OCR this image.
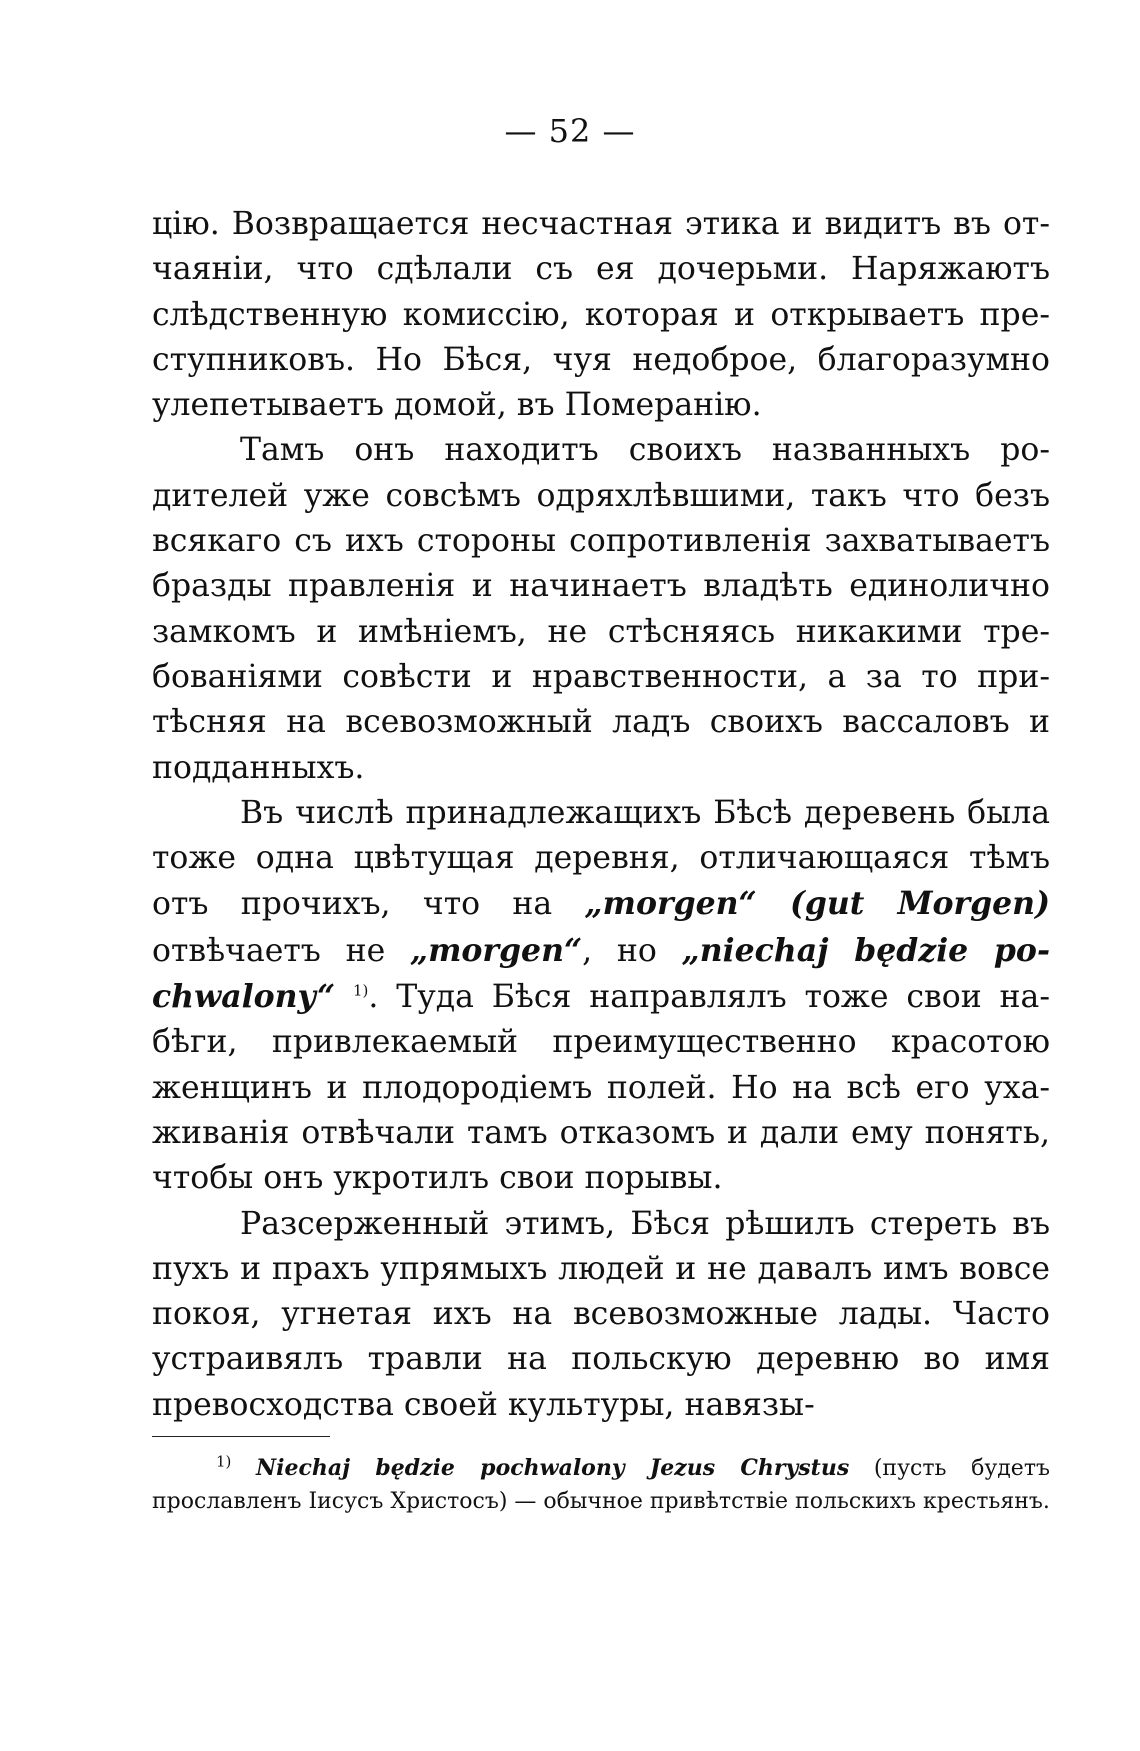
— 52 —

цію. Возвращается несчастная этика и видитъ въ отчаяніи, что сдѣлали съ ея дочерьми. Наряжаютъ слѣдственную комиссію, которая и открываетъ преступниковъ. Но Бѣся, чуя недоброе, благоразумно улепетываетъ домой, въ Померанію.

Тамъ онъ находитъ своихъ названныхъ родителей уже совсѣмъ одряхлѣвшими, такъ что безъ всякаго съ ихъ стороны сопротивленія захватываетъ бразды правленія и начинаетъ владѣть единолично замкомъ и имѣніемъ, не стѣсняясь никакими требованіями совѣсти и нравственности, а за то притѣсняя на всевозможный ладъ своихъ вассаловъ и подданныхъ.

Въ числѣ принадлежащихъ Бѣсѣ деревень была тоже одна цвѣтущая деревня, отличающаяся тѣмъ отъ прочихъ, что на „morgen“ (gut Morgen) отвѣчаетъ не „morgen“, но „niechaj będzie pochwalony“ $^{1)}$. Туда Бѣся направлялъ тоже свои набѣги, привлекаемый преимущественно красотою женщинъ и плодородіемъ полей. Но на всѣ его ухаживанія отвѣчали тамъ отказомъ и дали ему понять, чтобы онъ укротилъ свои порывы.

Разсерженный этимъ, Бѣся рѣшилъ стереть въ пухъ и прахъ упрямыхъ людей и не давалъ имъ вовсе покоя, угнетая ихъ на всевозможные лады. Часто устраивялъ травли на польскую деревню во имя превосходства своей культуры, навязы-

$^{1)}$ Niechaj będzie pochwalony Jezus Chrystus (пусть будетъ прославленъ Іисусъ Христосъ) — обычное привѣтствіе польскихъ крестьянъ.
